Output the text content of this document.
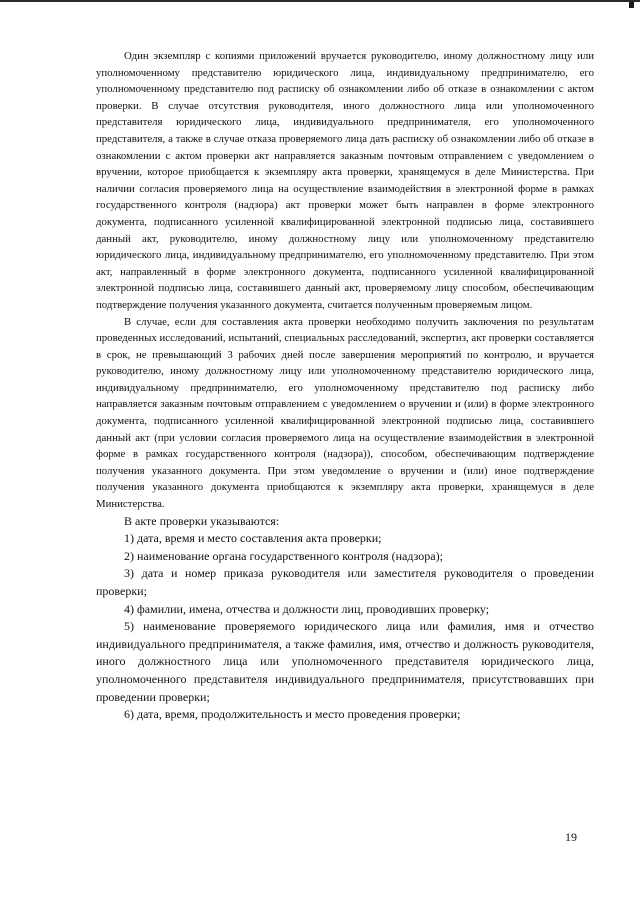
Один экземпляр с копиями приложений вручается руководителю, иному должностному лицу или уполномоченному представителю юридического лица, индивидуальному предпринимателю, его уполномоченному представителю под расписку об ознакомлении либо об отказе в ознакомлении с актом проверки. В случае отсутствия руководителя, иного должностного лица или уполномоченного представителя юридического лица, индивидуального предпринимателя, его уполномоченного представителя, а также в случае отказа проверяемого лица дать расписку об ознакомлении либо об отказе в ознакомлении с актом проверки акт направляется заказным почтовым отправлением с уведомлением о вручении, которое приобщается к экземпляру акта проверки, хранящемуся в деле Министерства. При наличии согласия проверяемого лица на осуществление взаимодействия в электронной форме в рамках государственного контроля (надзора) акт проверки может быть направлен в форме электронного документа, подписанного усиленной квалифицированной электронной подписью лица, составившего данный акт, руководителю, иному должностному лицу или уполномоченному представителю юридического лица, индивидуальному предпринимателю, его уполномоченному представителю. При этом акт, направленный в форме электронного документа, подписанного усиленной квалифицированной электронной подписью лица, составившего данный акт, проверяемому лицу способом, обеспечивающим подтверждение получения указанного документа, считается полученным проверяемым лицом.

В случае, если для составления акта проверки необходимо получить заключения по результатам проведенных исследований, испытаний, специальных расследований, экспертиз, акт проверки составляется в срок, не превышающий 3 рабочих дней после завершения мероприятий по контролю, и вручается руководителю, иному должностному лицу или уполномоченному представителю юридического лица, индивидуальному предпринимателю, его уполномоченному представителю под расписку либо направляется заказным почтовым отправлением с уведомлением о вручении и (или) в форме электронного документа, подписанного усиленной квалифицированной электронной подписью лица, составившего данный акт (при условии согласия проверяемого лица на осуществление взаимодействия в электронной форме в рамках государственного контроля (надзора)), способом, обеспечивающим подтверждение получения указанного документа. При этом уведомление о вручении и (или) иное подтверждение получения указанного документа приобщаются к экземпляру акта проверки, хранящемуся в деле Министерства.

В акте проверки указываются:

1) дата, время и место составления акта проверки;

2) наименование органа государственного контроля (надзора);

3) дата и номер приказа руководителя или заместителя руководителя о проведении проверки;

4) фамилии, имена, отчества и должности лиц, проводивших проверку;

5) наименование проверяемого юридического лица или фамилия, имя и отчество индивидуального предпринимателя, а также фамилия, имя, отчество и должность руководителя, иного должностного лица или уполномоченного представителя юридического лица, уполномоченного представителя индивидуального предпринимателя, присутствовавших при проведении проверки;

6) дата, время, продолжительность и место проведения проверки;

19
